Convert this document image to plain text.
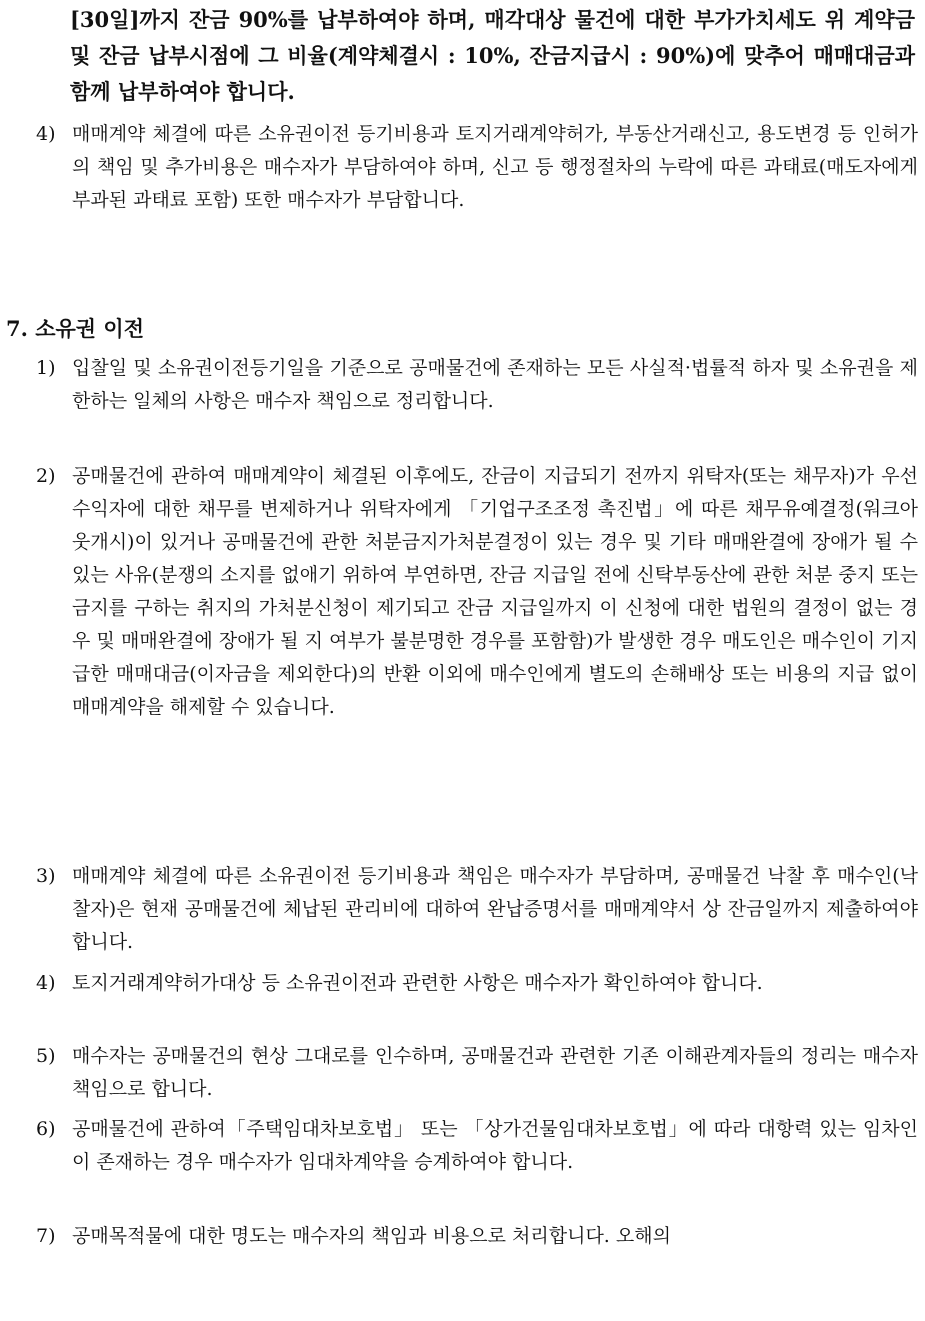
[30일]까지 잔금 90%를 납부하여야 하며, 매각대상 물건에 대한 부가가치세도 위 계약금 및 잔금 납부시점에 그 비율(계약체결시 : 10%, 잔금지급시 : 90%)에 맞추어 매매대금과 함께 납부하여야 합니다.
4) 매매계약 체결에 따른 소유권이전 등기비용과 토지거래계약허가, 부동산거래신고, 용도변경 등 인허가의 책임 및 추가비용은 매수자가 부담하여야 하며, 신고 등 행정절차의 누락에 따른 과태료(매도자에게 부과된 과태료 포함) 또한 매수자가 부담합니다.
7. 소유권 이전
1) 입찰일 및 소유권이전등기일을 기준으로 공매물건에 존재하는 모든 사실적·법률적 하자 및 소유권을 제한하는 일체의 사항은 매수자 책임으로 정리합니다.
2) 공매물건에 관하여 매매계약이 체결된 이후에도, 잔금이 지급되기 전까지 위탁자(또는 채무자)가 우선수익자에 대한 채무를 변제하거나 위탁자에게 「기업구조조정 촉진법」에 따른 채무유예결정(워크아웃개시)이 있거나 공매물건에 관한 처분금지가처분결정이 있는 경우 및 기타 매매완결에 장애가 될 수 있는 사유(분쟁의 소지를 없애기 위하여 부연하면, 잔금 지급일 전에 신탁부동산에 관한 처분 중지 또는 금지를 구하는 취지의 가처분신청이 제기되고 잔금 지급일까지 이 신청에 대한 법원의 결정이 없는 경우 및 매매완결에 장애가 될 지 여부가 불분명한 경우를 포함함)가 발생한 경우 매도인은 매수인이 기지급한 매매대금(이자금을 제외한다)의 반환 이외에 매수인에게 별도의 손해배상 또는 비용의 지급 없이 매매계약을 해제할 수 있습니다.
3) 매매계약 체결에 따른 소유권이전 등기비용과 책임은 매수자가 부담하며, 공매물건 낙찰 후 매수인(낙찰자)은 현재 공매물건에 체납된 관리비에 대하여 완납증명서를 매매계약서 상 잔금일까지 제출하여야 합니다.
4) 토지거래계약허가대상 등 소유권이전과 관련한 사항은 매수자가 확인하여야 합니다.
5) 매수자는 공매물건의 현상 그대로를 인수하며, 공매물건과 관련한 기존 이해관계자들의 정리는 매수자 책임으로 합니다.
6) 공매물건에 관하여「주택임대차보호법」 또는 「상가건물임대차보호법」에 따라 대항력 있는 임차인이 존재하는 경우 매수자가 임대차계약을 승계하여야 합니다.
7) 공매목적물에 대한 명도는 매수자의 책임과 비용으로 처리합니다. 오해의
